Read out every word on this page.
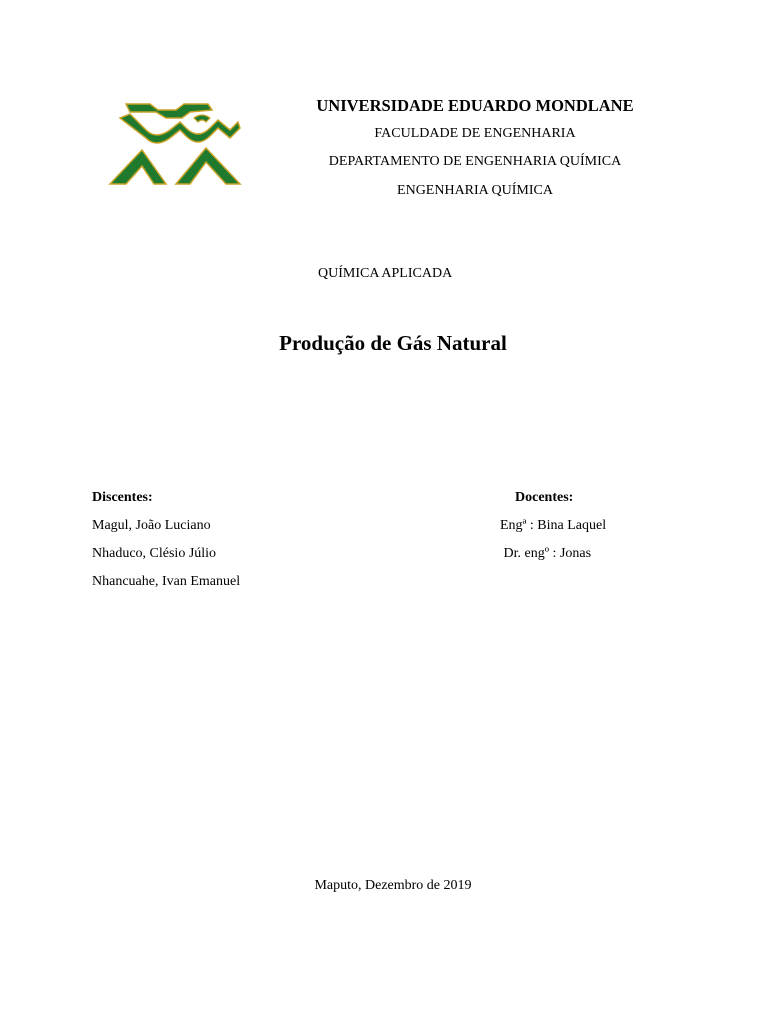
UNIVERSIDADE EDUARDO MONDLANE
FACULDADE DE ENGENHARIA
DEPARTAMENTO DE ENGENHARIA QUÍMICA
ENGENHARIA QUÍMICA
QUÍMICA APLICADA
Produção de Gás Natural
Discentes:
Magul, João Luciano
Nhaduco, Clésio Júlio
Nhancuahe, Ivan Emanuel
Docentes:
Engª : Bina Laquel
Dr. engº : Jonas
Maputo, Dezembro de 2019
